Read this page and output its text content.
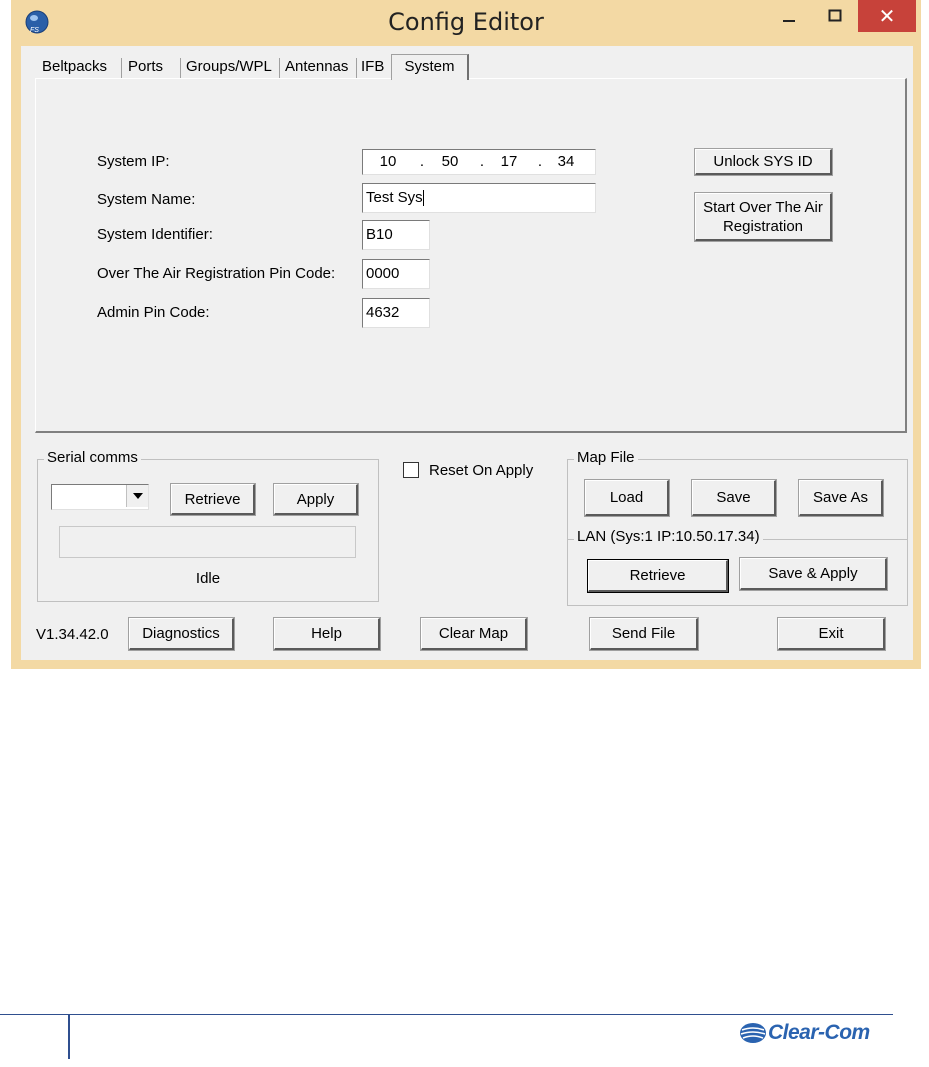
FS	Config Editor	✕
Beltpacks Ports Groups/WPL Antennas IFB	System
System IP:	10	.	50	.	17	.	34
System Name:	Test Sys
System Identifier:	B10
Over The Air Registration Pin Code: 0000
Admin Pin Code:	4632
Unlock SYS ID
Start Over The Air
Registration
Serial comms
Retrieve	Apply
Idle
Reset On Apply
Map File
Load	Save	Save As
LAN (Sys:1 IP:10.50.17.34)
Retrieve	Save & Apply
V1.34.42.0	Diagnostics	Help	Clear Map	Send File	Exit
Clear-Com
